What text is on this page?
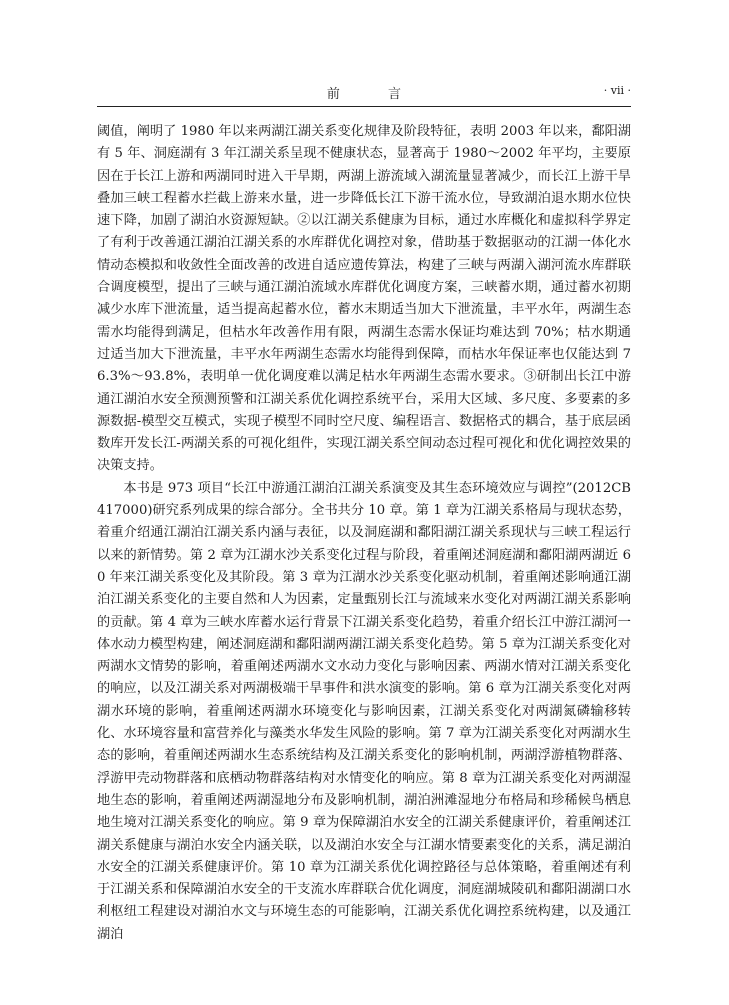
前 言	· vii ·

阈值，阐明了 1980 年以来两湖江湖关系变化规律及阶段特征，表明 2003 年以来，鄱阳湖有 5 年、洞庭湖有 3 年江湖关系呈现不健康状态，显著高于 1980～2002 年平均，主要原因在于长江上游和两湖同时进入干旱期，两湖上游流域入湖流量显著减少，而长江上游干旱叠加三峡工程蓄水拦截上游来水量，进一步降低长江下游干流水位，导致湖泊退水期水位快速下降，加剧了湖泊水资源短缺。②以江湖关系健康为目标，通过水库概化和虚拟科学界定了有利于改善通江湖泊江湖关系的水库群优化调控对象，借助基于数据驱动的江湖一体化水情动态模拟和收敛性全面改善的改进自适应遗传算法，构建了三峡与两湖入湖河流水库群联合调度模型，提出了三峡与通江湖泊流域水库群优化调度方案，三峡蓄水期，通过蓄水初期减少水库下泄流量，适当提高起蓄水位，蓄水末期适当加大下泄流量，丰平水年，两湖生态需水均能得到满足，但枯水年改善作用有限，两湖生态需水保证均难达到 70%；枯水期通过适当加大下泄流量，丰平水年两湖生态需水均能得到保障，而枯水年保证率也仅能达到 76.3%～93.8%，表明单一优化调度难以满足枯水年两湖生态需水要求。③研制出长江中游通江湖泊水安全预测预警和江湖关系优化调控系统平台，采用大区域、多尺度、多要素的多源数据-模型交互模式，实现子模型不同时空尺度、编程语言、数据格式的耦合，基于底层函数库开发长江-两湖关系的可视化组件，实现江湖关系空间动态过程可视化和优化调控效果的决策支持。

本书是 973 项目“长江中游通江湖泊江湖关系演变及其生态环境效应与调控”(2012CB417000)研究系列成果的综合部分。全书共分 10 章。第 1 章为江湖关系格局与现状态势，着重介绍通江湖泊江湖关系内涵与表征，以及洞庭湖和鄱阳湖江湖关系现状与三峡工程运行以来的新情势。第 2 章为江湖水沙关系变化过程与阶段，着重阐述洞庭湖和鄱阳湖两湖近 60 年来江湖关系变化及其阶段。第 3 章为江湖水沙关系变化驱动机制，着重阐述影响通江湖泊江湖关系变化的主要自然和人为因素，定量甄别长江与流域来水变化对两湖江湖关系影响的贡献。第 4 章为三峡水库蓄水运行背景下江湖关系变化趋势，着重介绍长江中游江湖河一体水动力模型构建，阐述洞庭湖和鄱阳湖两湖江湖关系变化趋势。第 5 章为江湖关系变化对两湖水文情势的影响，着重阐述两湖水文水动力变化与影响因素、两湖水情对江湖关系变化的响应，以及江湖关系对两湖极端干旱事件和洪水演变的影响。第 6 章为江湖关系变化对两湖水环境的影响，着重阐述两湖水环境变化与影响因素，江湖关系变化对两湖氮磷输移转化、水环境容量和富营养化与藻类水华发生风险的影响。第 7 章为江湖关系变化对两湖水生态的影响，着重阐述两湖水生态系统结构及江湖关系变化的影响机制，两湖浮游植物群落、浮游甲壳动物群落和底栖动物群落结构对水情变化的响应。第 8 章为江湖关系变化对两湖湿地生态的影响，着重阐述两湖湿地分布及影响机制，湖泊洲滩湿地分布格局和珍稀候鸟栖息地生境对江湖关系变化的响应。第 9 章为保障湖泊水安全的江湖关系健康评价，着重阐述江湖关系健康与湖泊水安全内涵关联，以及湖泊水安全与江湖水情要素变化的关系，满足湖泊水安全的江湖关系健康评价。第 10 章为江湖关系优化调控路径与总体策略，着重阐述有利于江湖关系和保障湖泊水安全的干支流水库群联合优化调度，洞庭湖城陵矶和鄱阳湖湖口水利枢纽工程建设对湖泊水文与环境生态的可能影响，江湖关系优化调控系统构建，以及通江湖泊
